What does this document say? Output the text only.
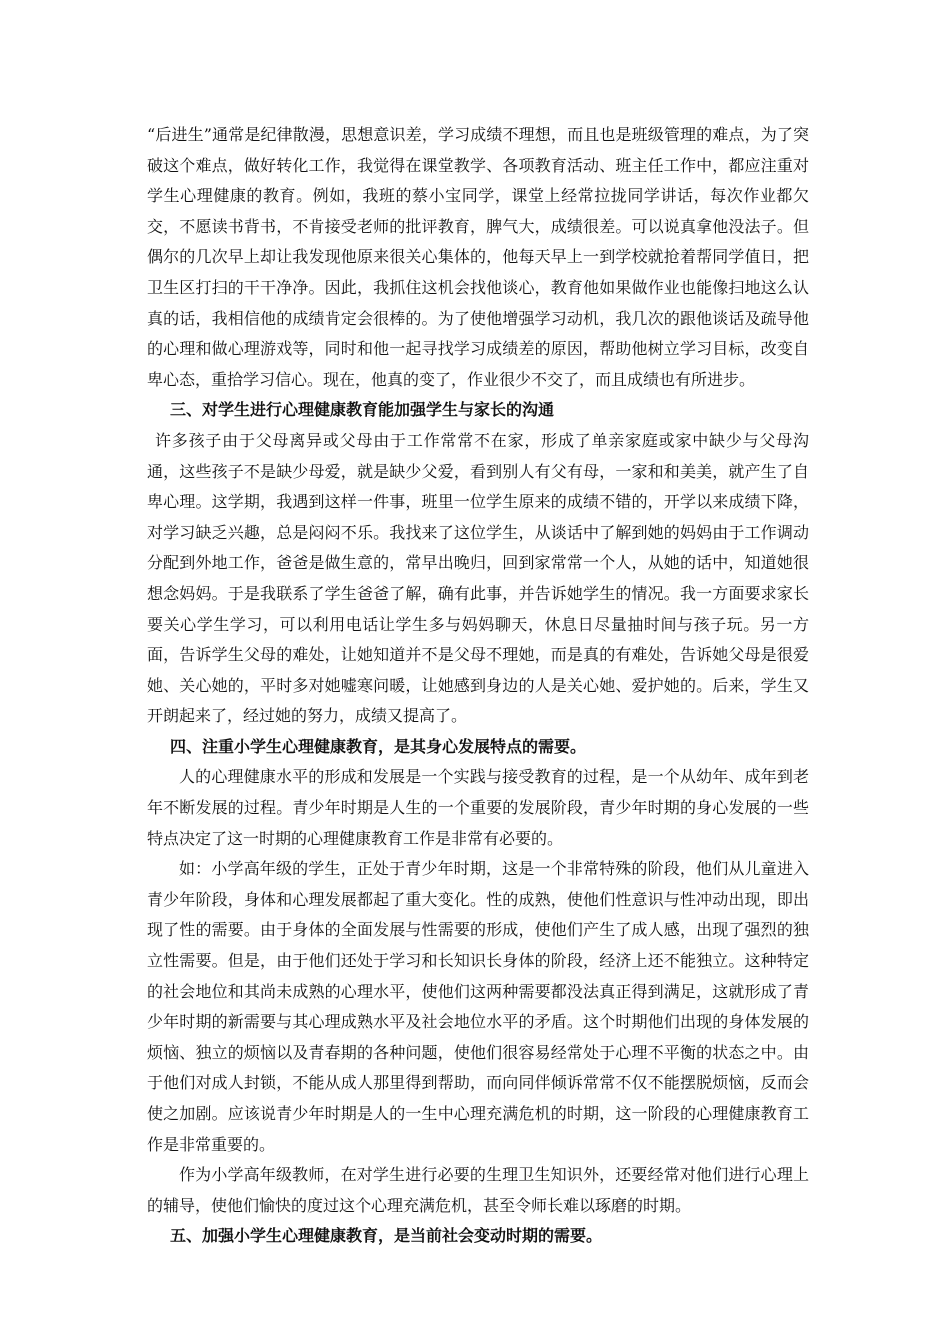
“后进生”通常是纪律散漫，思想意识差，学习成绩不理想，而且也是班级管理的难点，为了突破这个难点，做好转化工作，我觉得在课堂教学、各项教育活动、班主任工作中，都应注重对学生心理健康的教育。例如，我班的蔡小宝同学，课堂上经常拉拢同学讲话，每次作业都欠交，不愿读书背书，不肯接受老师的批评教育，脾气大，成绩很差。可以说真拿他没法子。但偶尔的几次早上却让我发现他原来很关心集体的，他每天早上一到学校就抢着帮同学值日，把卫生区打扫的干干净净。因此，我抓住这机会找他谈心，教育他如果做作业也能像扫地这么认真的话，我相信他的成绩肯定会很棒的。为了使他增强学习动机，我几次的跟他谈话及疏导他的心理和做心理游戏等，同时和他一起寻找学习成绩差的原因，帮助他树立学习目标，改变自卑心态，重拾学习信心。现在，他真的变了，作业很少不交了，而且成绩也有所进步。

三、对学生进行心理健康教育能加强学生与家长的沟通

许多孩子由于父母离异或父母由于工作常常不在家，形成了单亲家庭或家中缺少与父母沟通，这些孩子不是缺少母爱，就是缺少父爱，看到别人有父有母，一家和和美美，就产生了自卑心理。这学期，我遇到这样一件事，班里一位学生原来的成绩不错的，开学以来成绩下降，对学习缺乏兴趣，总是闷闷不乐。我找来了这位学生，从谈话中了解到她的妈妈由于工作调动分配到外地工作，爸爸是做生意的，常早出晚归，回到家常常一个人，从她的话中，知道她很想念妈妈。于是我联系了学生爸爸了解，确有此事，并告诉她学生的情况。我一方面要求家长要关心学生学习，可以利用电话让学生多与妈妈聊天，休息日尽量抽时间与孩子玩。另一方面，告诉学生父母的难处，让她知道并不是父母不理她，而是真的有难处，告诉她父母是很爱她、关心她的，平时多对她嘘寒问暖，让她感到身边的人是关心她、爱护她的。后来，学生又开朗起来了，经过她的努力，成绩又提高了。

四、注重小学生心理健康教育，是其身心发展特点的需要。

人的心理健康水平的形成和发展是一个实践与接受教育的过程，是一个从幼年、成年到老年不断发展的过程。青少年时期是人生的一个重要的发展阶段，青少年时期的身心发展的一些特点决定了这一时期的心理健康教育工作是非常有必要的。

如：小学高年级的学生，正处于青少年时期，这是一个非常特殊的阶段，他们从儿童进入青少年阶段，身体和心理发展都起了重大变化。性的成熟，使他们性意识与性冲动出现，即出现了性的需要。由于身体的全面发展与性需要的形成，使他们产生了成人感，出现了强烈的独立性需要。但是，由于他们还处于学习和长知识长身体的阶段，经济上还不能独立。这种特定的社会地位和其尚未成熟的心理水平，使他们这两种需要都没法真正得到满足，这就形成了青少年时期的新需要与其心理成熟水平及社会地位水平的矛盾。这个时期他们出现的身体发展的烦恼、独立的烦恼以及青春期的各种问题，使他们很容易经常处于心理不平衡的状态之中。由于他们对成人封锁，不能从成人那里得到帮助，而向同伴倾诉常常不仅不能摆脱烦恼，反而会使之加剧。应该说青少年时期是人的一生中心理充满危机的时期，这一阶段的心理健康教育工作是非常重要的。

作为小学高年级教师，在对学生进行必要的生理卫生知识外，还要经常对他们进行心理上的辅导，使他们愉快的度过这个心理充满危机，甚至令师长难以琢磨的时期。

五、加强小学生心理健康教育，是当前社会变动时期的需要。
